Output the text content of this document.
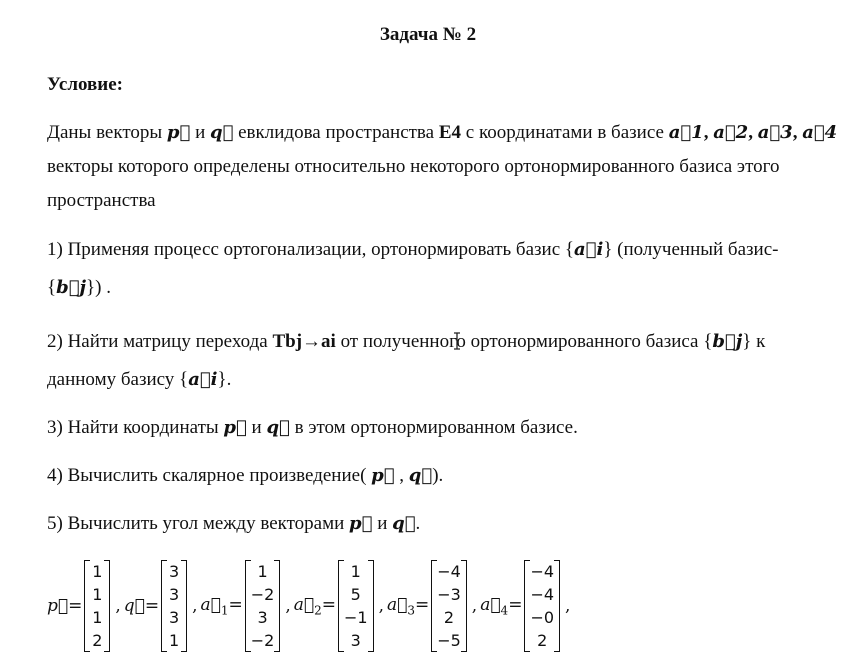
Задача № 2
Условие:
Даны векторы p⃗ и q⃗ евклидова пространства E4 с координатами в базисе a⃗1, a⃗2, a⃗3, a⃗4
векторы которого определены относительно некоторого ортонормированного базиса этого
пространства
1) Применяя процесс ортогонализации, ортонормировать базис {a⃗i} (полученный базис-
{b⃗j}) .
2) Найти матрицу перехода Tbj→ai от полученного ортонормированного базиса {b⃗j} к
данному базису {a⃗i}.
3) Найти координаты p⃗ и q⃗ в этом ортонормированном базисе.
4) Вычислить скалярное произведение( p⃗ , q⃗).
5) Вычислить угол между векторами p⃗ и q⃗.
p⃗=
1
1
1
2
, q⃗=
3
3
3
1
, $a⃗_1=$
1
−2
3
−2
, $a⃗_2=$
1
5
−1
3
, $a⃗_3=$
−4
−3
2
−5
, $a⃗_4=$
−4
−4
−0
2
,
